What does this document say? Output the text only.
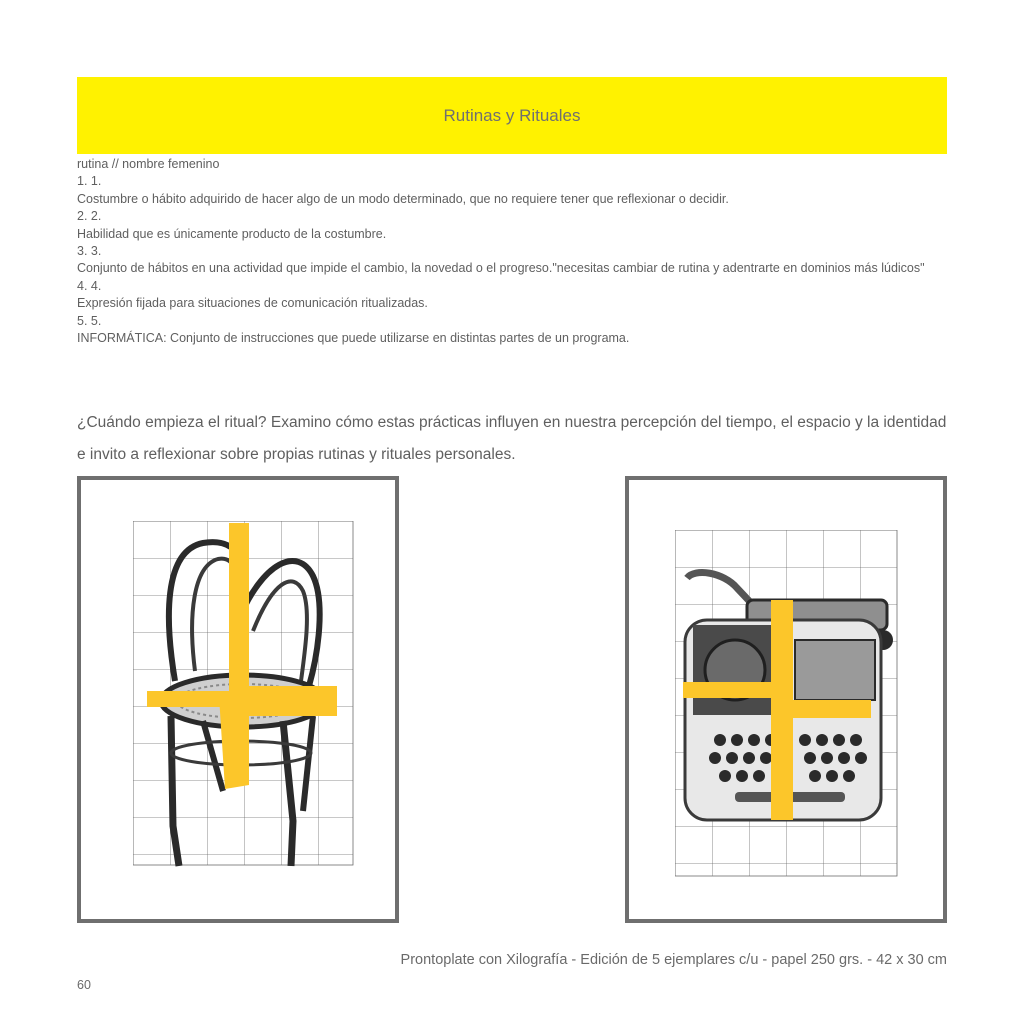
Rutinas y Rituales
rutina // nombre femenino
1. 1.
Costumbre o hábito adquirido de hacer algo de un modo determinado, que no requiere tener que reflexionar o decidir.
2. 2.
Habilidad que es únicamente producto de la costumbre.
3. 3.
Conjunto de hábitos en una actividad que impide el cambio, la novedad o el progreso."necesitas cambiar de rutina y adentrarte en dominios más lúdicos"
4. 4.
Expresión fijada para situaciones de comunicación ritualizadas.
5. 5.
INFORMÁTICA: Conjunto de instrucciones que puede utilizarse en distintas partes de un programa.

¿Cuándo empieza el ritual? Examino cómo estas prácticas influyen en nuestra percepción del tiempo, el espacio y la identidad e invito a reflexionar sobre propias rutinas y rituales personales.

Prontoplate con Xilografía - Edición de 5 ejemplares c/u - papel 250 grs. - 42 x 30 cm
60
